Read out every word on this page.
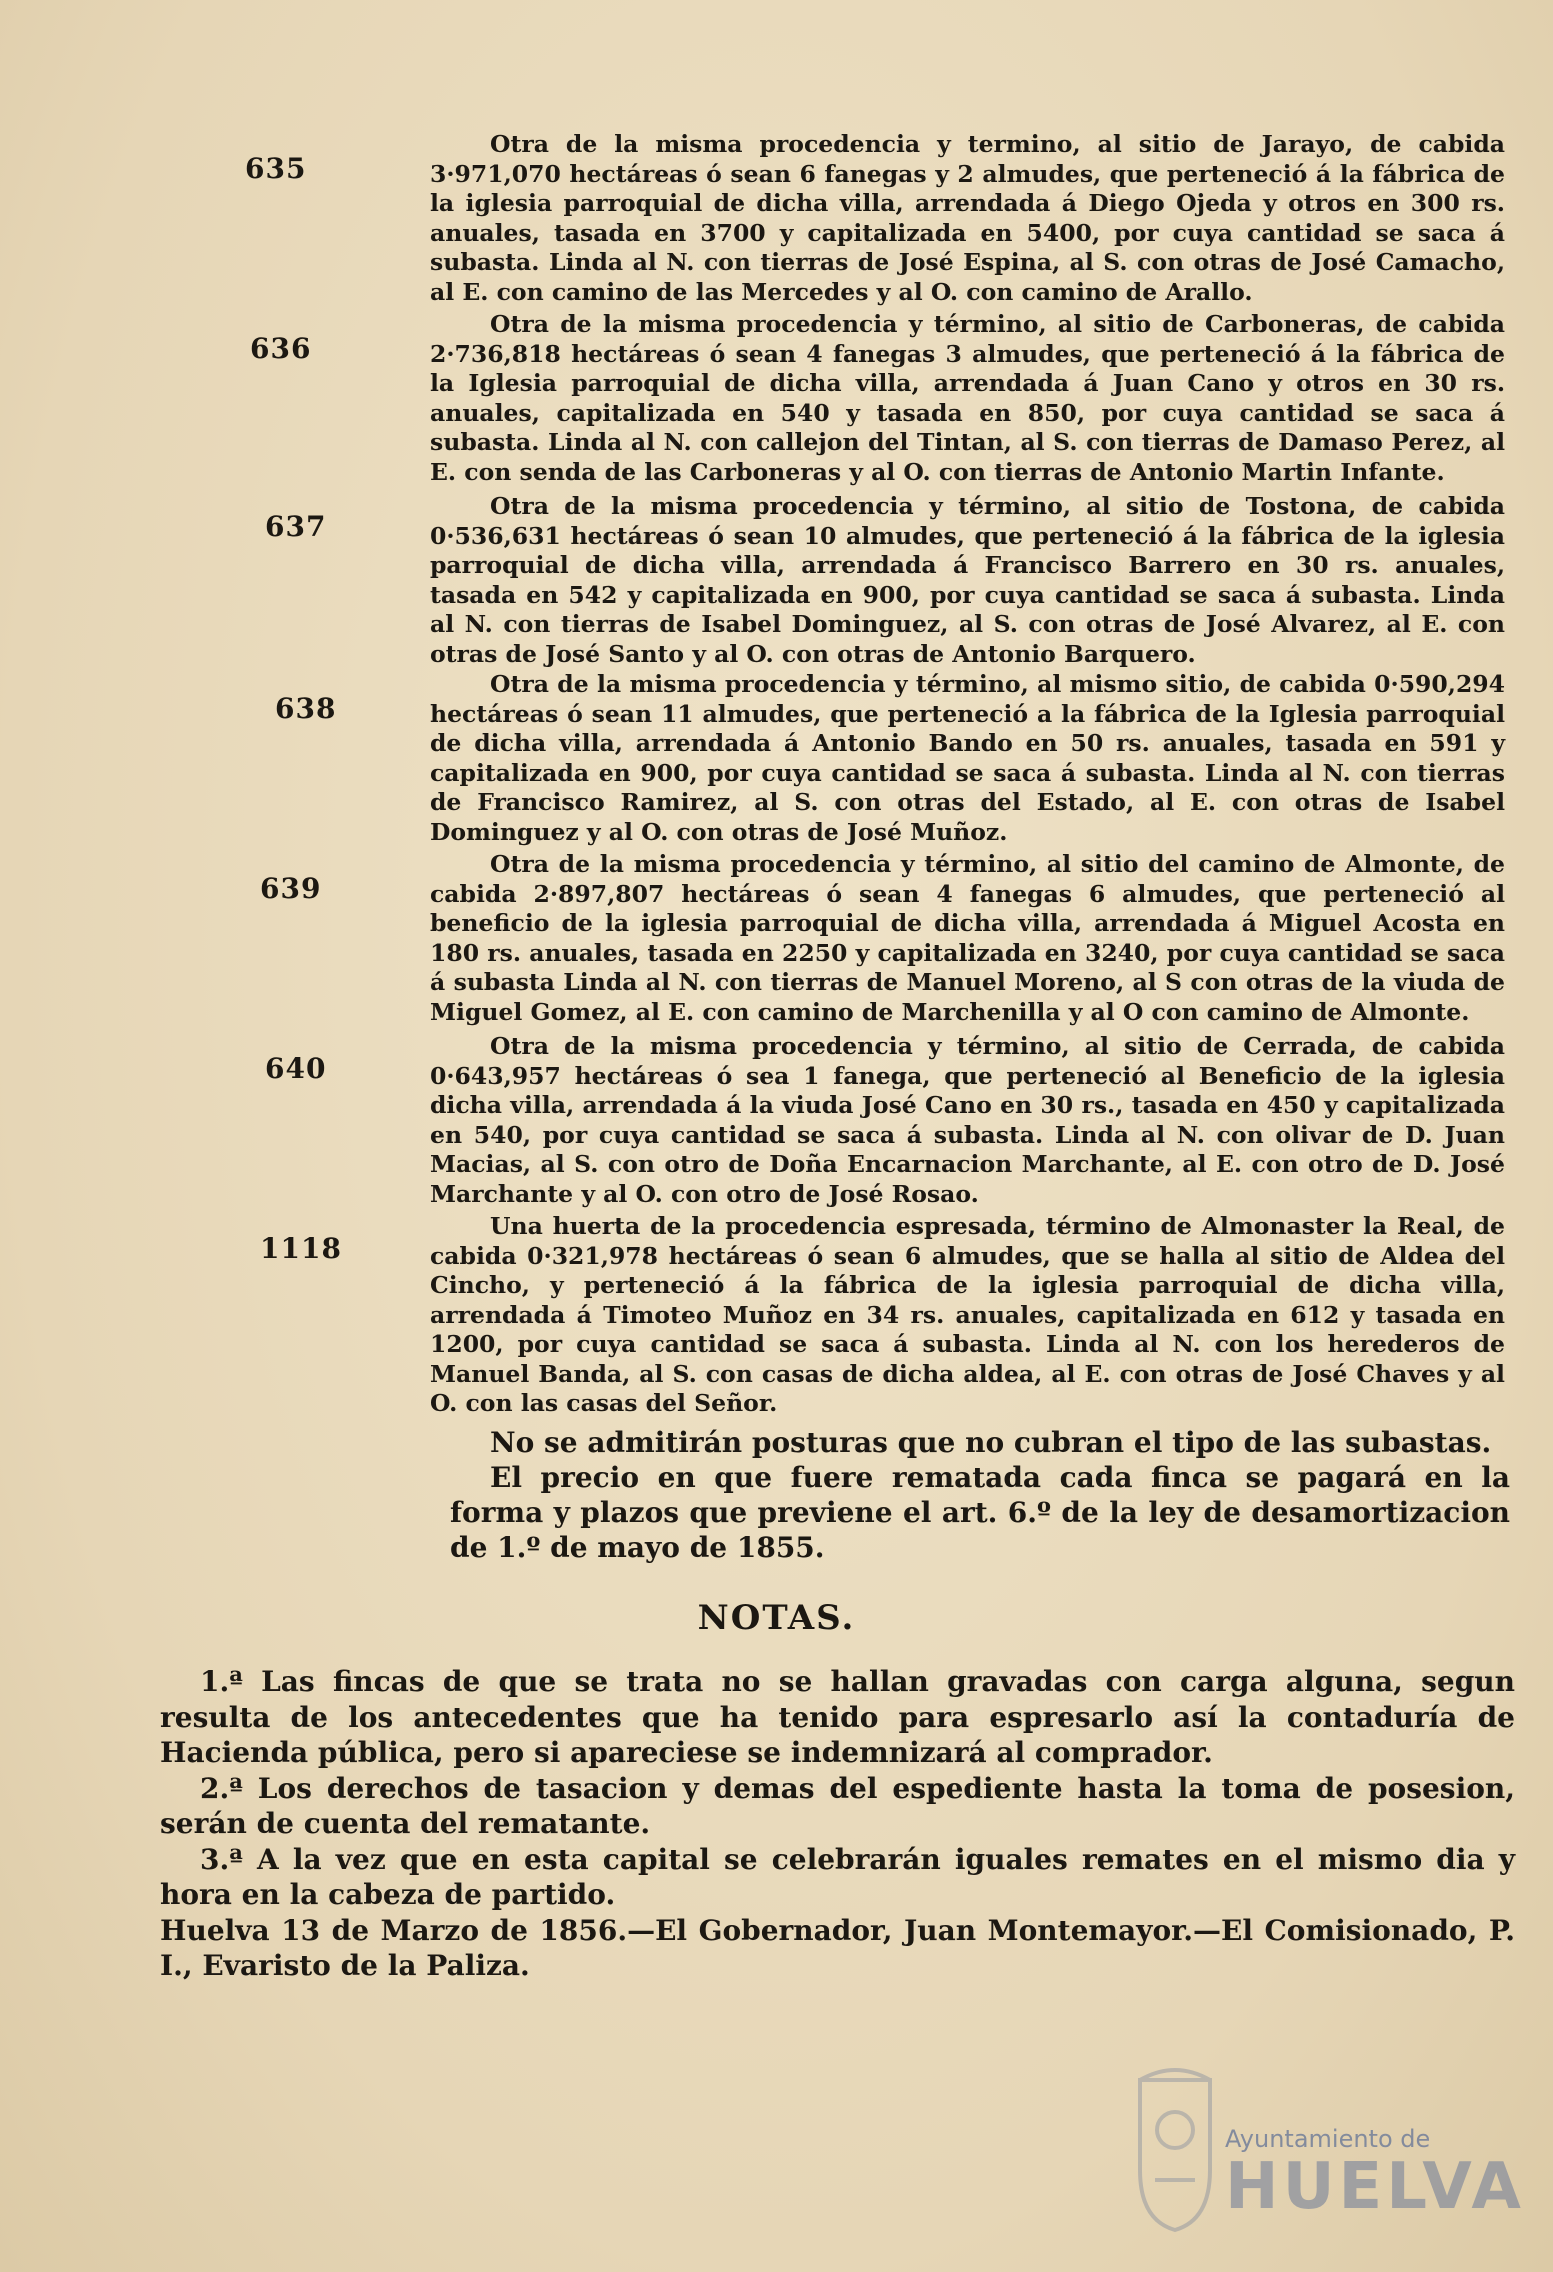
635
Otra de la misma procedencia y termino, al sitio de Jarayo, de cabida 3·971,070 hectáreas ó sean 6 fanegas y 2 almudes, que perteneció á la fábrica de la iglesia parroquial de dicha villa, arrendada á Diego Ojeda y otros en 300 rs. anuales, tasada en 3700 y capitalizada en 5400, por cuya cantidad se saca á subasta. Linda al N. con tierras de José Espina, al S. con otras de José Camacho, al E. con camino de las Mercedes y al O. con camino de Arallo.
636
Otra de la misma procedencia y término, al sitio de Carboneras, de cabida 2·736,818 hectáreas ó sean 4 fanegas 3 almudes, que perteneció á la fábrica de la Iglesia parroquial de dicha villa, arrendada á Juan Cano y otros en 30 rs. anuales, capitalizada en 540 y tasada en 850, por cuya cantidad se saca á subasta. Linda al N. con callejon del Tintan, al S. con tierras de Damaso Perez, al E. con senda de las Carboneras y al O. con tierras de Antonio Martin Infante.
637
Otra de la misma procedencia y término, al sitio de Tostona, de cabida 0·536,631 hectáreas ó sean 10 almudes, que perteneció á la fábrica de la iglesia parroquial de dicha villa, arrendada á Francisco Barrero en 30 rs. anuales, tasada en 542 y capitalizada en 900, por cuya cantidad se saca á subasta. Linda al N. con tierras de Isabel Dominguez, al S. con otras de José Alvarez, al E. con otras de José Santo y al O. con otras de Antonio Barquero.
638
Otra de la misma procedencia y término, al mismo sitio, de cabida 0·590,294 hectáreas ó sean 11 almudes, que perteneció a la fábrica de la Iglesia parroquial de dicha villa, arrendada á Antonio Bando en 50 rs. anuales, tasada en 591 y capitalizada en 900, por cuya cantidad se saca á subasta. Linda al N. con tierras de Francisco Ramirez, al S. con otras del Estado, al E. con otras de Isabel Dominguez y al O. con otras de José Muñoz.
639
Otra de la misma procedencia y término, al sitio del camino de Almonte, de cabida 2·897,807 hectáreas ó sean 4 fanegas 6 almudes, que perteneció al beneficio de la iglesia parroquial de dicha villa, arrendada á Miguel Acosta en 180 rs. anuales, tasada en 2250 y capitalizada en 3240, por cuya cantidad se saca á subasta Linda al N. con tierras de Manuel Moreno, al S con otras de la viuda de Miguel Gomez, al E. con camino de Marchenilla y al O con camino de Almonte.
640
Otra de la misma procedencia y término, al sitio de Cerrada, de cabida 0·643,957 hectáreas ó sea 1 fanega, que perteneció al Beneficio de la iglesia dicha villa, arrendada á la viuda José Cano en 30 rs., tasada en 450 y capitalizada en 540, por cuya cantidad se saca á subasta. Linda al N. con olivar de D. Juan Macias, al S. con otro de Doña Encarnacion Marchante, al E. con otro de D. José Marchante y al O. con otro de José Rosao.
1118
Una huerta de la procedencia espresada, término de Almonaster la Real, de cabida 0·321,978 hectáreas ó sean 6 almudes, que se halla al sitio de Aldea del Cincho, y perteneció á la fábrica de la iglesia parroquial de dicha villa, arrendada á Timoteo Muñoz en 34 rs. anuales, capitalizada en 612 y tasada en 1200, por cuya cantidad se saca á subasta. Linda al N. con los herederos de Manuel Banda, al S. con casas de dicha aldea, al E. con otras de José Chaves y al O. con las casas del Señor.

No se admitirán posturas que no cubran el tipo de las subastas.

El precio en que fuere rematada cada finca se pagará en la forma y plazos que previene el art. 6.º de la ley de desamortizacion de 1.º de mayo de 1855.

NOTAS.

1.ª Las fincas de que se trata no se hallan gravadas con carga alguna, segun resulta de los antecedentes que ha tenido para espresarlo así la contaduría de Hacienda pública, pero si apareciese se indemnizará al comprador.

2.ª Los derechos de tasacion y demas del espediente hasta la toma de posesion, serán de cuenta del rematante.

3.ª A la vez que en esta capital se celebrarán iguales remates en el mismo dia y hora en la cabeza de partido.

Huelva 13 de Marzo de 1856.—El Gobernador, Juan Montemayor.—El Comisionado, P. I., Evaristo de la Paliza.

Ayuntamiento de
HUELVA
